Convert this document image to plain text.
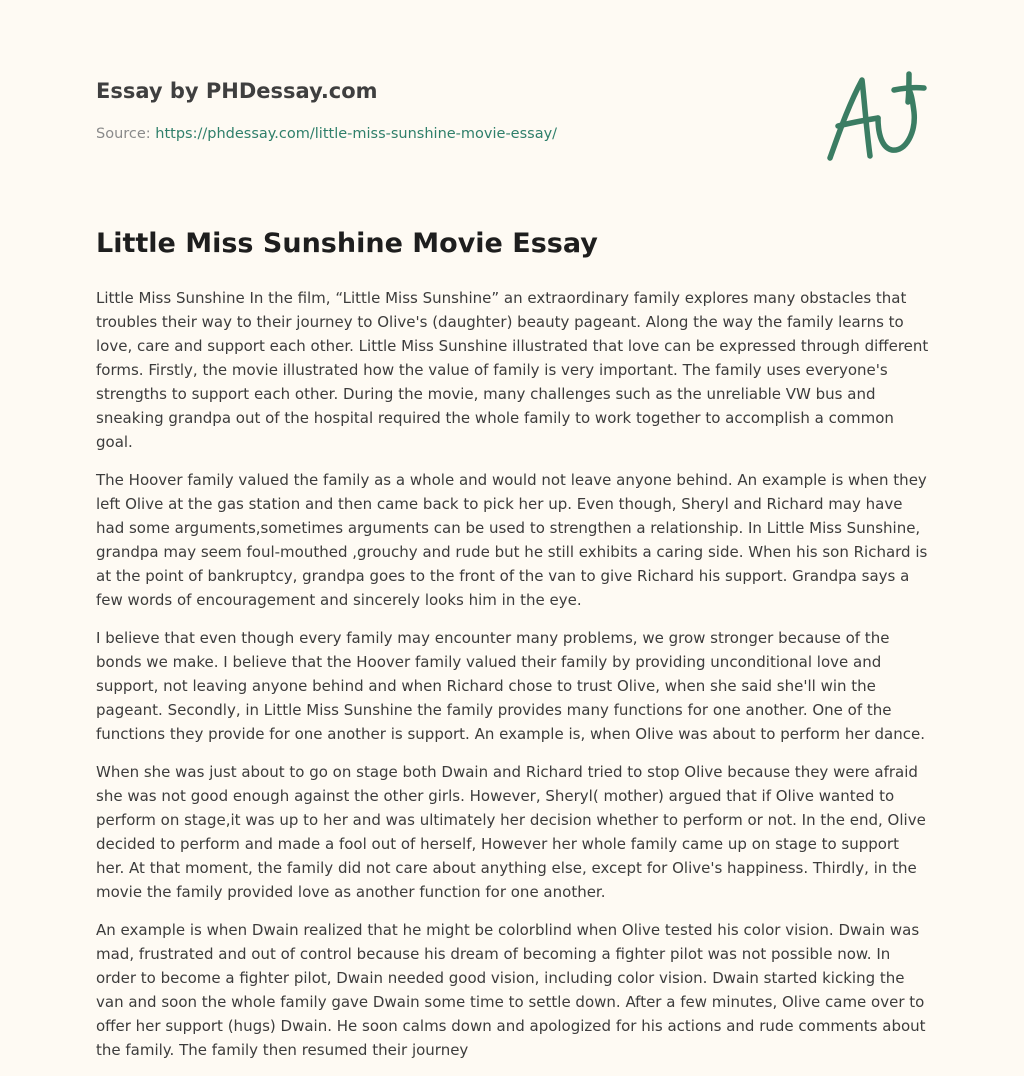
Essay by PHDessay.com

Source: https://phdessay.com/little-miss-sunshine-movie-essay/

Little Miss Sunshine Movie Essay

Little Miss Sunshine In the film, “Little Miss Sunshine” an extraordinary family explores many obstacles that troubles their way to their journey to Olive's (daughter) beauty pageant. Along the way the family learns to love, care and support each other. Little Miss Sunshine illustrated that love can be expressed through different forms. Firstly, the movie illustrated how the value of family is very important. The family uses everyone's strengths to support each other. During the movie, many challenges such as the unreliable VW bus and sneaking grandpa out of the hospital required the whole family to work together to accomplish a common goal.

The Hoover family valued the family as a whole and would not leave anyone behind. An example is when they left Olive at the gas station and then came back to pick her up. Even though, Sheryl and Richard may have had some arguments,sometimes arguments can be used to strengthen a relationship. In Little Miss Sunshine, grandpa may seem foul-mouthed ,grouchy and rude but he still exhibits a caring side. When his son Richard is at the point of bankruptcy, grandpa goes to the front of the van to give Richard his support. Grandpa says a few words of encouragement and sincerely looks him in the eye.

I believe that even though every family may encounter many problems, we grow stronger because of the bonds we make. I believe that the Hoover family valued their family by providing unconditional love and support, not leaving anyone behind and when Richard chose to trust Olive, when she said she'll win the pageant. Secondly, in Little Miss Sunshine the family provides many functions for one another. One of the functions they provide for one another is support. An example is, when Olive was about to perform her dance.

When she was just about to go on stage both Dwain and Richard tried to stop Olive because they were afraid she was not good enough against the other girls. However, Sheryl( mother) argued that if Olive wanted to perform on stage,it was up to her and was ultimately her decision whether to perform or not. In the end, Olive decided to perform and made a fool out of herself, However her whole family came up on stage to support her. At that moment, the family did not care about anything else, except for Olive's happiness. Thirdly, in the movie the family provided love as another function for one another.

An example is when Dwain realized that he might be colorblind when Olive tested his color vision. Dwain was mad, frustrated and out of control because his dream of becoming a fighter pilot was not possible now. In order to become a fighter pilot, Dwain needed good vision, including color vision. Dwain started kicking the van and soon the whole family gave Dwain some time to settle down. After a few minutes, Olive came over to offer her support (hugs) Dwain. He soon calms down and apologized for his actions and rude comments about the family. The family then resumed their journey
